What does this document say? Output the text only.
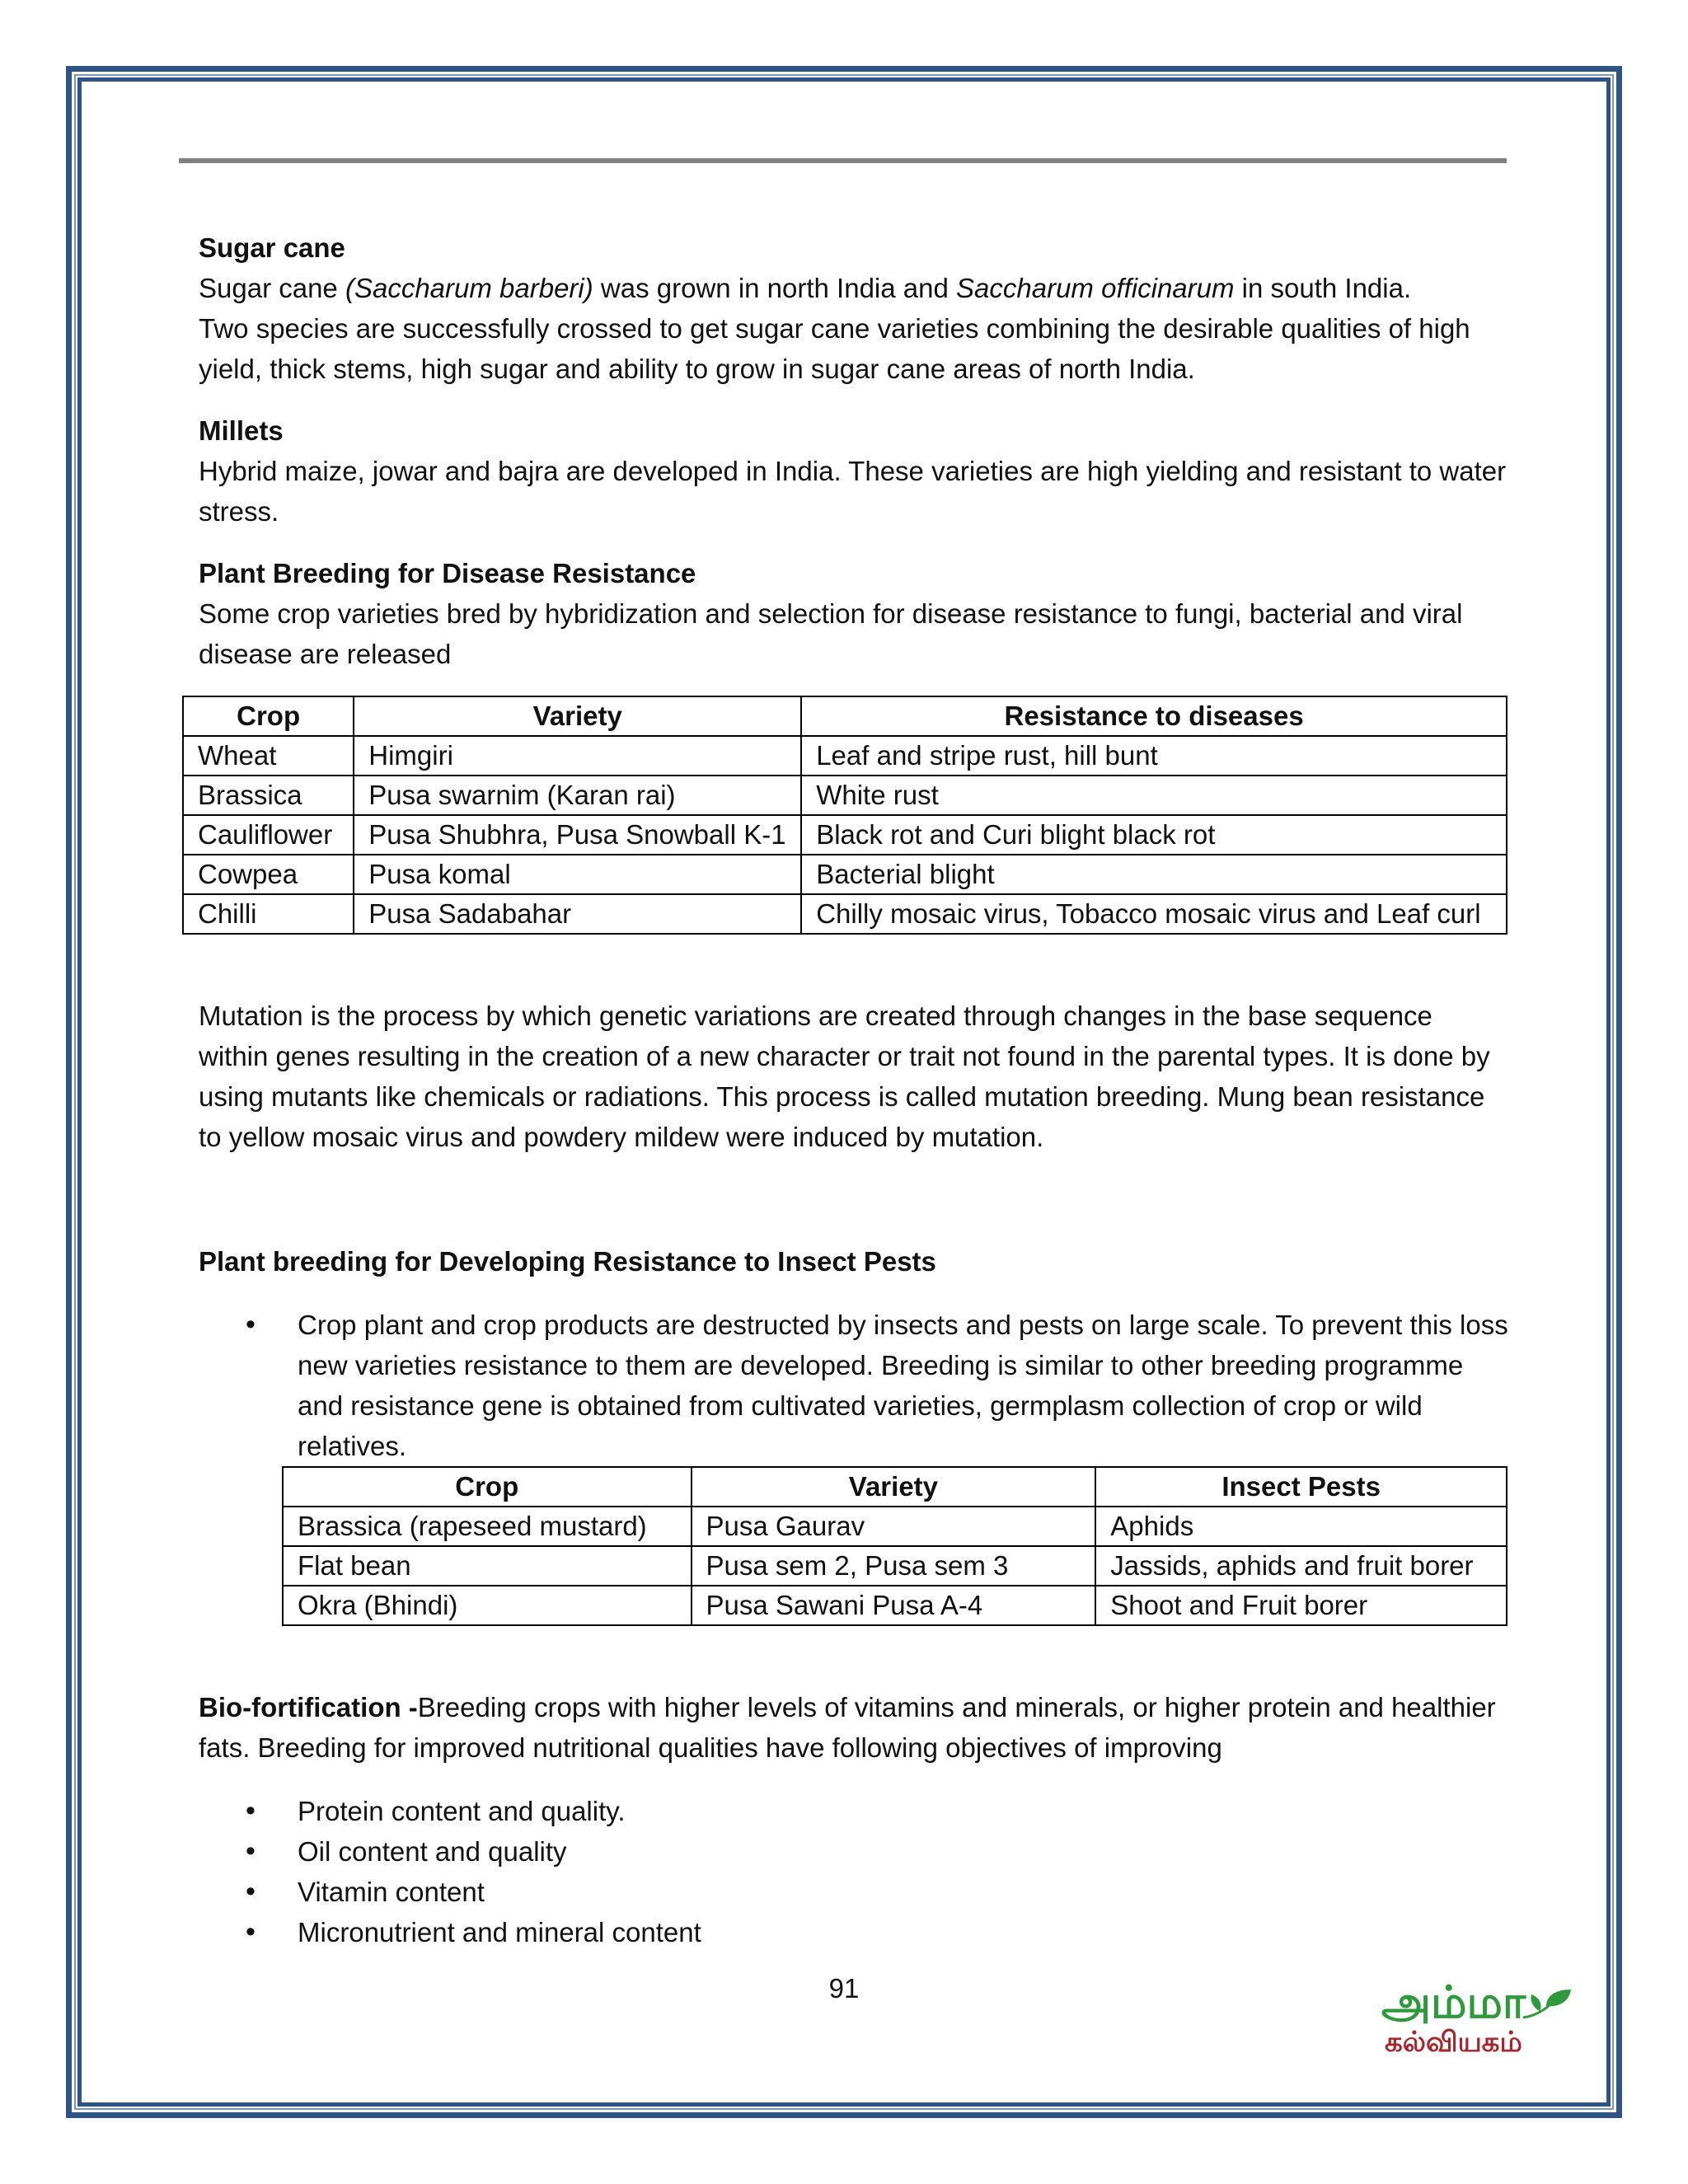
Sugar cane

Sugar cane (Saccharum barberi) was grown in north India and Saccharum officinarum in south India.

Two species are successfully crossed to get sugar cane varieties combining the desirable qualities of high yield, thick stems, high sugar and ability to grow in sugar cane areas of north India.

Millets

Hybrid maize, jowar and bajra are developed in India. These varieties are high yielding and resistant to water stress.

Plant Breeding for Disease Resistance

Some crop varieties bred by hybridization and selection for disease resistance to fungi, bacterial and viral disease are released

Crop	Variety	Resistance to diseases
Wheat	Himgiri	Leaf and stripe rust, hill bunt
Brassica	Pusa swarnim (Karan rai)	White rust
Cauliflower	Pusa Shubhra, Pusa Snowball K-1	Black rot and Curi blight black rot
Cowpea	Pusa komal	Bacterial blight
Chilli	Pusa Sadabahar	Chilly mosaic virus, Tobacco mosaic virus and Leaf curl

Mutation is the process by which genetic variations are created through changes in the base sequence within genes resulting in the creation of a new character or trait not found in the parental types. It is done by using mutants like chemicals or radiations. This process is called mutation breeding. Mung bean resistance to yellow mosaic virus and powdery mildew were induced by mutation.

Plant breeding for Developing Resistance to Insect Pests

• Crop plant and crop products are destructed by insects and pests on large scale. To prevent this loss new varieties resistance to them are developed. Breeding is similar to other breeding programme and resistance gene is obtained from cultivated varieties, germplasm collection of crop or wild relatives.
Crop	Variety	Insect Pests
Brassica (rapeseed mustard)	Pusa Gaurav	Aphids
Flat bean	Pusa sem 2, Pusa sem 3	Jassids, aphids and fruit borer
Okra (Bhindi)	Pusa Sawani Pusa A-4	Shoot and Fruit borer

Bio-fortification -Breeding crops with higher levels of vitamins and minerals, or higher protein and healthier fats. Breeding for improved nutritional qualities have following objectives of improving

• Protein content and quality.
• Oil content and quality
• Vitamin content
• Micronutrient and mineral content
91	அம்மா
கல்வியகம்
